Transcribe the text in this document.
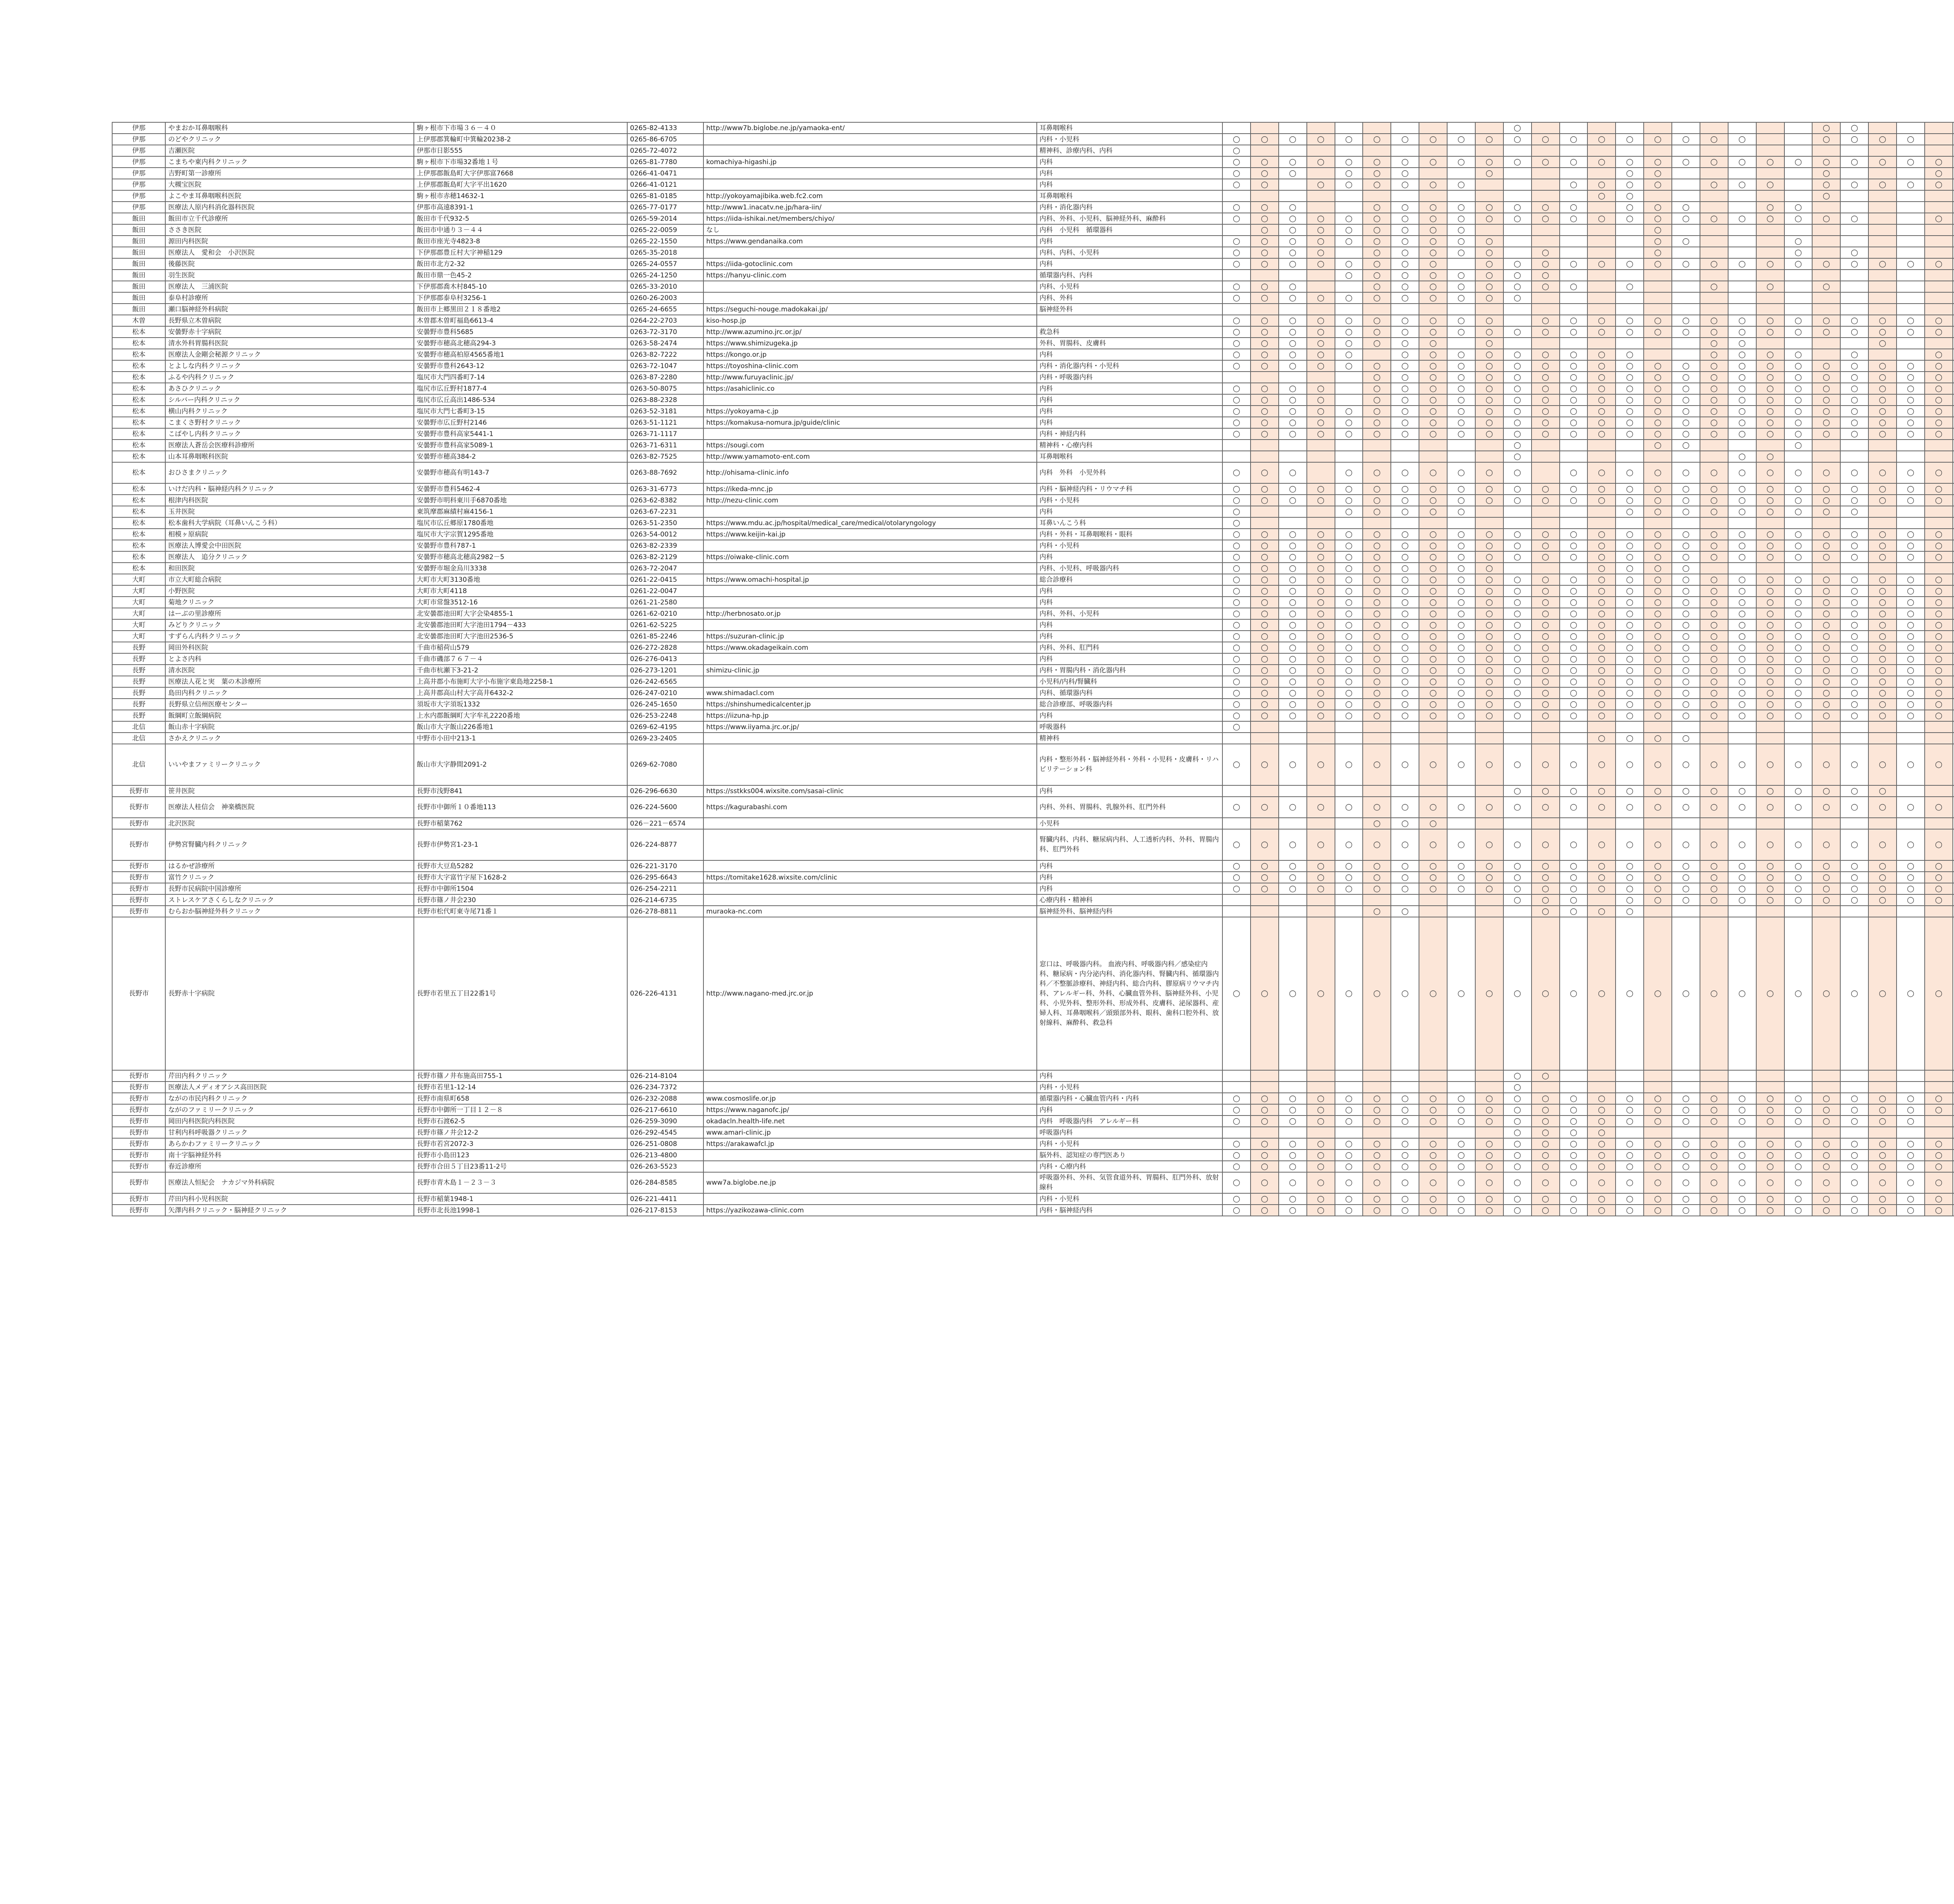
伊那	やまおか耳鼻咽喉科	駒ヶ根市下市場３６－４０	0265-82-4133	http://www7b.biglobe.ne.jp/yamaoka-ent/	耳鼻咽喉科											○											○	○																	
伊那	のどやクリニック	上伊那郡箕輪町中箕輪20238-2	0265-86-6705		内科・小児科	○	○	○	○	○	○	○	○	○	○	○	○	○	○	○	○	○	○	○			○	○	○	○															
伊那	吉瀬医院	伊那市日影555	0265-72-4072		精神科、診療内科、内科	○																																							
伊那	こまちや東内科クリニック	駒ヶ根市下市場32番地１号	0265-81-7780	komachiya-higashi.jp	内科	○	○	○	○	○	○	○	○	○	○	○	○	○	○	○	○	○	○	○	○	○	○	○	○	○	○														
伊那	吉野町第一診療所	上伊那郡飯島町大字伊那富7668	0266-41-0471		内科	○	○	○		○	○	○			○					○	○						○				○														
伊那	大槻宝医院	上伊那郡飯島町大字平出1620	0266-41-0121		内科	○	○		○	○	○	○	○	○				○	○	○	○		○	○	○		○	○	○	○	○														
伊那	よこやま耳鼻咽喉科医院	駒ヶ根市赤穂14632-1	0265-81-0185	http://yokoyamajibika.web.fc2.com	耳鼻咽喉科														○	○							○																		
伊那	医療法人原内科消化器科医院	伊那市高遠8391-1	0265-77-0177	http://www1.inacatv.ne.jp/hara-iin/	内科・消化器内科	○	○	○			○	○	○	○	○	○	○	○		○	○	○			○	○																			
飯田	飯田市立千代診療所	飯田市千代932-5	0265-59-2014	https://iida-ishikai.net/members/chiyo/	内科、外科、小児科、脳神経外科、麻酔科	○	○	○	○	○	○	○	○	○	○	○	○	○	○	○	○	○	○	○	○	○	○	○			○														
飯田	ささき医院	飯田市中通り３－４４	0265-22-0059	なし	内科　小児科　循環器科		○	○	○	○	○	○	○	○							○																								
飯田	源田内科医院	飯田市座光寺4823-8	0265-22-1550	https://www.gendanaika.com	内科	○	○	○	○	○	○	○	○	○	○						○	○				○																			
飯田	医療法人　愛和会　小沢医院	下伊那郡豊丘村大字神稲129	0265-35-2018		内科、内科、小児科	○	○	○	○		○	○	○	○	○		○				○					○		○																	
飯田	後藤医院	飯田市北方2-32	0265-24-0557	https://iida-gotoclinic.com	内科	○	○	○	○	○	○	○	○		○	○	○	○	○	○	○	○	○	○	○	○	○	○	○	○	○														
飯田	羽生医院	飯田市鼎一色45-2	0265-24-1250	https://hanyu-clinic.com	循環器内科、内科					○	○	○	○	○	○	○	○																												
飯田	医療法人　三浦医院	下伊那郡喬木村845-10	0265-33-2010		内科、小児科	○	○	○			○	○	○	○	○	○	○	○		○			○		○		○																		
飯田	泰阜村診療所	下伊那郡泰阜村3256-1	0260-26-2003		内科、外科	○	○	○	○	○	○	○	○	○	○	○																													
飯田	瀬口脳神経外科病院	飯田市上郷黒田２１８番地2	0265-24-6655	https://seguchi-nouge.madokakai.jp/	脳神経外科																																								
木曽	長野県立木曽病院	木曽郡木曽町福島6613-4	0264-22-2703	kiso-hosp.jp		○	○	○	○	○	○	○	○	○	○		○	○	○	○	○	○	○	○	○	○	○	○	○	○	○														
松本	安曇野赤十字病院	安曇野市豊科5685	0263-72-3170	http://www.azumino.jrc.or.jp/	救急科	○	○	○	○	○	○	○	○	○	○	○	○	○	○	○	○	○	○	○	○	○	○	○	○	○	○														
松本	清水外科胃腸科医院	安曇野市穂高北穂高294-3	0263-58-2474	https://www.shimizugeka.jp	外科、胃腸科、皮膚科	○	○	○	○	○	○	○	○		○								○	○					○																
松本	医療法人金剛会秘源クリニック	安曇野市穂高柏原4565番地1	0263-82-7222	https://kongo.or.jp	内科	○	○	○	○	○		○	○	○	○	○	○	○	○	○			○	○	○	○		○			○														
松本	とよしな内科クリニック	安曇野市豊科2643-12	0263-72-1047	https://toyoshina-clinic.com	内科・消化器内科・小児科	○	○	○	○	○	○	○	○	○	○	○	○	○	○	○	○	○	○	○	○	○	○	○	○	○	○														
松本	ふるや内科クリニック	塩尻市大門四番町7-14	0263-87-2280	http://www.furuyaclinic.jp/	内科・呼吸器内科						○	○	○	○	○	○	○	○	○	○	○	○	○	○	○	○	○	○	○	○	○														
松本	あさひクリニック	塩尻市広丘野村1877-4	0263-50-8075	https://asahiclinic.co	内科	○	○	○	○		○	○	○	○	○	○	○	○	○	○	○	○	○	○	○	○	○	○	○	○	○														
松本	シルバー内科クリニック	塩尻市広丘高出1486-534	0263-88-2328		内科	○	○	○	○		○	○	○	○	○	○	○	○	○	○	○	○	○	○	○	○	○	○	○	○	○														
松本	横山内科クリニック	塩尻市大門七番町3-15	0263-52-3181	https://yokoyama-c.jp	内科	○	○	○	○	○	○	○	○	○	○	○	○	○	○	○	○	○	○	○	○	○	○	○	○	○	○														
松本	こまくさ野村クリニック	安曇野市広丘野村2146	0263-51-1121	https://komakusa-nomura.jp/guide/clinic	内科	○	○	○	○	○	○	○	○	○	○	○	○	○	○	○	○	○	○	○	○	○	○	○	○	○	○														
松本	こばやし内科クリニック	安曇野市豊科高家5441-1	0263-71-1117		内科・神経内科	○	○	○	○	○	○	○	○	○	○	○	○	○	○	○	○	○	○	○	○	○	○	○	○	○	○														
松本	医療法人蒼岳会医療科診療所	安曇野市豊科高家5089-1	0263-71-6311	https://sougi.com	精神科・心療内科											○					○	○				○																			
松本	山本耳鼻咽喉科医院	安曇野市穂高384-2	0263-82-7525	http://www.yamamoto-ent.com	耳鼻咽喉科											○								○	○																				
松本	おひさまクリニック	安曇野市穂高有明143-7	0263-88-7692	http://ohisama-clinic.info	内科　外科　小児外科	○	○	○		○	○	○	○	○	○	○		○	○	○	○	○	○	○	○	○	○	○	○	○	○														
松本	いけだ内科・脳神経内科クリニック	安曇野市豊科5462-4	0263-31-6773	https://ikeda-mnc.jp	内科・脳神経内科・リウマチ科	○	○	○	○	○	○	○	○	○	○	○	○	○	○	○	○	○	○	○	○	○	○	○	○	○	○														
松本	根津内科医院	安曇野市明科東川手6870番地	0263-62-8382	http://nezu-clinic.com	内科・小児科	○	○	○	○	○	○	○	○	○	○	○	○	○	○	○	○	○	○	○	○	○	○	○	○	○	○														
松本	玉井医院	東筑摩郡麻績村麻4156-1	0263-67-2231		内科	○				○	○	○	○	○						○	○	○	○	○	○	○	○	○																	
松本	松本歯科大学病院（耳鼻いんこう科）	塩尻市広丘郷原1780番地	0263-51-2350	https://www.mdu.ac.jp/hospital/medical_care/medical/otolaryngology	耳鼻いんこう科	○																																							
松本	相模ヶ原病院	塩尻市大字宗賀1295番地	0263-54-0012	https://www.keijin-kai.jp	内科・外科・耳鼻咽喉科・眼科	○	○	○	○	○	○	○	○	○	○	○	○	○	○	○	○	○	○	○	○	○	○	○	○	○	○														
松本	医療法人博愛会中田医院	安曇野市豊科787-1	0263-82-2339		内科・小児科	○	○	○	○	○	○	○	○	○	○	○	○	○	○	○	○	○	○	○	○	○	○	○	○	○	○														
松本	医療法人　追分クリニック	安曇野市穂高北穂高2982－5	0263-82-2129	https://oiwake-clinic.com	内科	○	○	○	○	○	○	○	○	○	○	○	○	○	○	○	○	○	○	○	○	○	○	○	○	○	○														
松本	和田医院	安曇野市堀金烏川3338	0263-72-2047		内科、小児科、呼吸器内科	○	○	○	○	○	○	○	○	○	○				○	○	○	○																							
大町	市立大町総合病院	大町市大町3130番地	0261-22-0415	https://www.omachi-hospital.jp	総合診療科	○	○	○	○	○	○	○	○	○	○	○	○	○	○	○	○	○	○	○	○	○	○	○	○	○	○														
大町	小野医院	大町市大町4118	0261-22-0047		内科	○	○	○	○	○	○	○	○	○	○	○	○	○	○	○	○	○	○	○	○	○	○	○	○	○	○														
大町	菊地クリニック	大町市常盤3512-16	0261-21-2580		内科	○	○	○	○	○	○	○	○	○	○	○	○	○	○	○	○	○	○	○	○	○	○	○	○	○	○														
大町	はーぶの里診療所	北安曇郡池田町大字会染4855-1	0261-62-0210	http://herbnosato.or.jp	内科、外科、小児科	○	○	○	○	○	○	○	○	○	○	○	○	○	○	○	○	○	○	○	○	○	○	○	○	○	○														
大町	みどりクリニック	北安曇郡池田町大字池田1794－433	0261-62-5225		内科	○	○	○	○	○	○	○	○	○	○	○	○	○	○	○	○	○	○	○	○	○	○	○	○	○	○														
大町	すずらん内科クリニック	北安曇郡池田町大字池田2536-5	0261-85-2246	https://suzuran-clinic.jp	内科	○	○	○	○	○	○	○	○	○	○	○	○	○	○	○	○	○	○	○	○	○	○	○	○	○	○														
長野	岡田外科医院	千曲市稲荷山579	026-272-2828	https://www.okadageikain.com	内科、外科、肛門科	○	○	○	○	○	○	○	○	○	○	○	○	○	○	○	○	○	○	○	○	○	○	○	○	○	○														
長野	とよさ内科	千曲市磯部７６７－４	026-276-0413		内科	○	○	○	○	○	○	○	○	○	○	○	○	○	○	○	○	○	○	○	○	○	○	○	○	○	○														
長野	清水医院	千曲市杭瀬下3-21-2	026-273-1201	shimizu-clinic.jp	内科・胃腸内科・消化器内科	○	○	○	○	○	○	○	○	○	○	○	○	○	○	○	○	○	○	○	○	○	○	○	○	○	○														
長野	医療法人花と実　葉の木診療所	上高井郡小布施町大字小布施字東島地2258-1	026-242-6565		小児科/内科/腎臓科	○	○	○	○	○	○	○	○	○	○	○	○	○	○	○	○	○	○	○	○	○	○	○	○	○	○														
長野	島田内科クリニック	上高井郡高山村大字高井6432-2	026-247-0210	www.shimadacl.com	内科、循環器内科	○	○	○	○	○	○	○	○	○	○	○	○	○	○	○	○	○	○	○	○	○	○	○	○	○	○														
長野	長野県立信州医療センター	須坂市大字須坂1332	026-245-1650	https://shinshumedicalcenter.jp	総合診療部、呼吸器内科	○	○	○	○	○	○	○	○	○	○	○	○	○	○	○	○	○	○	○	○	○	○	○	○	○	○														
長野	飯綱町立飯綱病院	上水内郡飯綱町大字牟礼2220番地	026-253-2248	https://iizuna-hp.jp	内科	○	○	○	○	○	○	○	○	○	○	○	○	○	○	○	○	○	○	○	○	○	○	○	○	○	○														
北信	飯山赤十字病院	飯山市大字飯山226番地1	0269-62-4195	https://www.iiyama.jrc.or.jp/	呼吸器科	○																																							
北信	さかえクリニック	中野市小田中213-1	0269-23-2405		精神科														○	○	○	○																							
北信	いいやまファミリークリニック	飯山市大字静間2091-2	0269-62-7080		内科・整形外科・脳神経外科・外科・小児科・皮膚科・リハビリテーション科	○	○	○	○	○	○	○	○	○	○	○	○	○	○	○	○	○	○	○	○	○	○	○	○	○	○														
長野市	笹井医院	長野市浅野841	026-296-6630	https://sstkks004.wixsite.com/sasai-clinic	内科											○	○	○	○	○	○	○	○	○	○	○	○	○	○																
長野市	医療法人桂信会　神楽橋医院	長野市中御所１０番地113	026-224-5600	https://kagurabashi.com	内科、外科、胃腸科、乳腺外科、肛門外科	○	○	○	○	○	○	○	○	○	○	○	○	○	○	○	○	○	○	○	○	○	○	○	○	○	○														
長野市	北沢医院	長野市稲葉762	026－221－6574		小児科						○	○	○																																
長野市	伊勢宮腎臓内科クリニック	長野市伊勢宮1-23-1	026-224-8877		腎臓内科、内科、糖尿病内科、人工透析内科、外科、胃腸内科、肛門外科	○	○	○	○	○	○	○	○	○	○	○	○	○	○	○	○	○	○	○	○	○	○	○	○	○	○														
長野市	はるかぜ診療所	長野市大豆島5282	026-221-3170		内科	○	○	○	○	○	○	○	○	○	○	○	○	○	○	○	○	○	○	○	○	○	○	○	○	○	○														
長野市	富竹クリニック	長野市大字富竹字屋下1628-2	026-295-6643	https://tomitake1628.wixsite.com/clinic	内科	○	○	○	○	○	○	○	○	○	○	○	○	○	○	○	○	○	○	○	○	○	○	○	○	○	○														
長野市	長野市民病院中国診療所	長野市中御所1504	026-254-2211		内科	○	○	○	○	○	○	○	○	○	○	○	○	○	○	○	○	○	○	○	○	○	○	○	○	○	○														
長野市	ストレスケアさくらしなクリニック	長野市篠ノ井会230	026-214-6735		心療内科・精神科											○	○	○		○	○	○	○	○	○	○	○	○	○	○	○														
長野市	むらおか脳神経外科クリニック	長野市松代町東寺尾71番１	026-278-8811	muraoka-nc.com	脳神経外科、脳神経内科						○	○					○	○	○	○																									
長野市	長野赤十字病院	長野市若里五丁目22番1号	026-226-4131	http://www.nagano-med.jrc.or.jp	窓口は、呼吸器内科。 血液内科、呼吸器内科／感染症内科、糖尿病・内分泌内科、消化器内科、腎臓内科、循環器内科／不整脈診療科、神経内科、総合内科、膠原病リウマチ内科、アレルギー科、外科、心臓血管外科、脳神経外科、小児科、小児外科、整形外科、形成外科、皮膚科、泌尿器科、産婦人科、耳鼻咽喉科／頭頸部外科、眼科、歯科口腔外科、放射線科、麻酔科、救急科	○	○	○	○	○	○	○	○	○	○	○	○	○	○	○	○	○	○	○	○	○	○	○	○	○	○														
長野市	芹田内科クリニック	長野市篠ノ井布施高田755-1	026-214-8104		内科											○	○																												
長野市	医療法人メディオアシス高田医院	長野市若里1-12-14	026-234-7372		内科・小児科											○																													
長野市	ながの市民内科クリニック	長野市南県町658	026-232-2088	www.cosmoslife.or.jp	循環器内科・心臓血管内科・内科	○	○	○	○	○	○	○	○	○	○	○	○	○	○	○	○	○	○	○	○	○	○	○	○	○	○														
長野市	ながのファミリークリニック	長野市中御所一丁目１２－８	026-217-6610	https://www.naganofc.jp/	内科	○	○	○	○	○	○	○	○	○	○	○	○	○	○	○	○	○	○	○	○	○	○	○	○	○	○														
長野市	岡田内科医院内科医院	長野市石渡62-5	026-259-3090	okadacln.health-life.net	内科　呼吸器内科　アレルギー科	○	○	○	○	○	○	○	○	○	○	○	○	○	○	○	○	○	○	○	○	○	○	○	○	○															
長野市	甘利内科呼吸器クリニック	長野市篠ノ井会12-2	026-292-4545	www.amari-clinic.jp	呼吸器内科											○	○	○	○																										
長野市	あらかわファミリークリニック	長野市若宮2072-3	026-251-0808	https://arakawafcl.jp	内科・小児科	○	○	○	○	○	○	○	○	○	○	○	○	○	○	○	○	○	○	○	○	○	○	○	○	○	○														
長野市	南十字脳神経外科	長野市小島田123	026-213-4800		脳外科、認知症の専門医あり	○	○	○	○	○	○	○	○	○	○	○	○	○	○	○	○	○	○	○	○	○	○	○	○	○	○														
長野市	春近診療所	長野市合田５丁目23番11-2号	026-263-5523		内科・心療内科	○	○	○	○	○	○	○	○	○	○	○	○	○	○	○	○	○	○	○	○	○	○	○	○	○	○														
長野市	医療法人恒紀会　ナカジマ外科病院	長野市青木島１－２３－３	026-284-8585	www7a.biglobe.ne.jp	呼吸器外科、外科、気管食道外科、胃腸科、肛門外科、放射線科	○	○	○	○	○	○	○	○	○	○	○	○	○	○	○	○	○	○	○	○	○	○	○	○	○	○														
長野市	芹田内科小児科医院	長野市稲葉1948-1	026-221-4411		内科・小児科	○	○	○	○	○	○	○	○	○	○	○	○	○	○	○	○	○	○	○	○	○	○	○	○	○	○														
長野市	矢澤内科クリニック・脳神経クリニック	長野市北長池1998-1	026-217-8153	https://yazikozawa-clinic.com	内科・脳神経内科	○	○	○	○	○	○	○	○	○	○	○	○	○	○	○	○	○	○	○	○	○	○	○	○	○	○														
